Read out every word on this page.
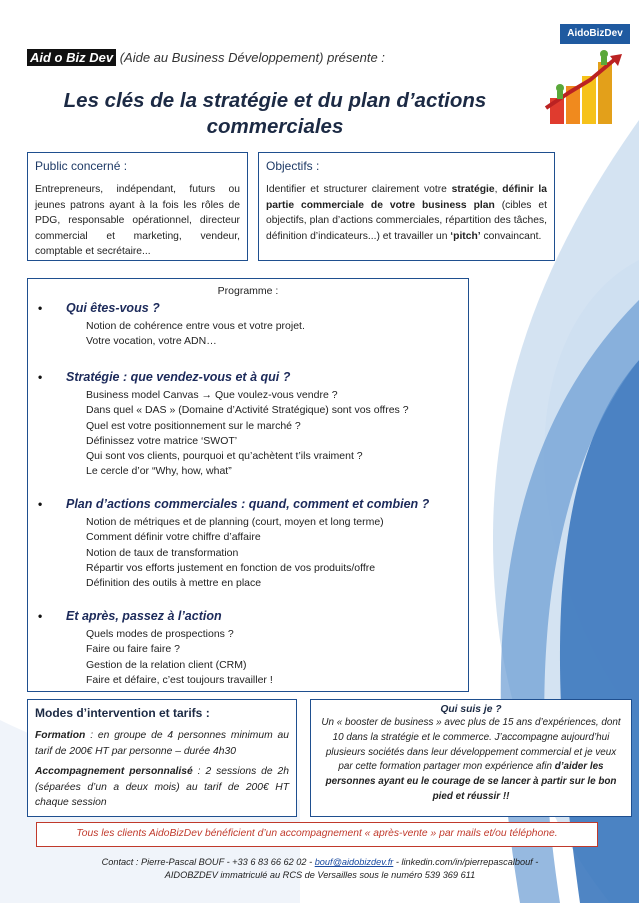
AidoBizDev
Aid o Biz Dev (Aide au Business Développement) présente :
Les clés de la stratégie et du plan d’actions
commerciales
Public concerné :
Entrepreneurs, indépendant, futurs ou jeunes patrons ayant à la fois les rôles de PDG, responsable opérationnel, directeur commercial et marketing, vendeur, comptable et secrétaire...
Objectifs :
Identifier et structurer clairement votre stratégie, définir la partie commerciale de votre business plan (cibles et objectifs, plan d’actions commerciales, répartition des tâches, définition d’indicateurs...) et travailler un ‘pitch’ convaincant.
Programme :
• Qui êtes-vous ?
Notion de cohérence entre vous et votre projet.
Votre vocation, votre ADN…
• Stratégie : que vendez-vous et à qui ?
Business model Canvas → Que voulez-vous vendre ?
Dans quel « DAS » (Domaine d’Activité Stratégique) sont vos offres ?
Quel est votre positionnement sur le marché ?
Définissez votre matrice ‘SWOT’
Qui sont vos clients, pourquoi et qu’achètent t’ils vraiment ?
Le cercle d’or “Why, how, what”
• Plan d’actions commerciales : quand, comment et combien ?
Notion de métriques et de planning (court, moyen et long terme)
Comment définir votre chiffre d’affaire
Notion de taux de transformation
Répartir vos efforts justement en fonction de vos produits/offre
Définition des outils à mettre en place
• Et après, passez à l’action
Quels modes de prospections ?
Faire ou faire faire ?
Gestion de la relation client (CRM)
Faire et défaire, c’est toujours travailler !
Modes d’intervention et tarifs :
Formation : en groupe de 4 personnes minimum au tarif de 200€ HT par personne – durée 4h30
Accompagnement personnalisé : 2 sessions de 2h (séparées d’un a deux mois) au tarif de 200€ HT chaque session
Qui suis je ?
Un « booster de business » avec plus de 15 ans d’expériences, dont 10 dans la stratégie et le commerce. J’accompagne aujourd’hui plusieurs sociétés dans leur développement commercial et je veux par cette formation partager mon expérience afin d’aider les personnes ayant eu le courage de se lancer à partir sur le bon pied et réussir !!
Tous les clients AidoBizDev bénéficient d’un accompagnement « après-vente » par mails et/ou téléphone.
Contact : Pierre-Pascal BOUF - +33 6 83 66 62 02 - bouf@aidobizdev.fr - linkedin.com/in/pierrepascalbouf -
AIDOBZDEV immatriculé au RCS de Versailles sous le numéro 539 369 611
